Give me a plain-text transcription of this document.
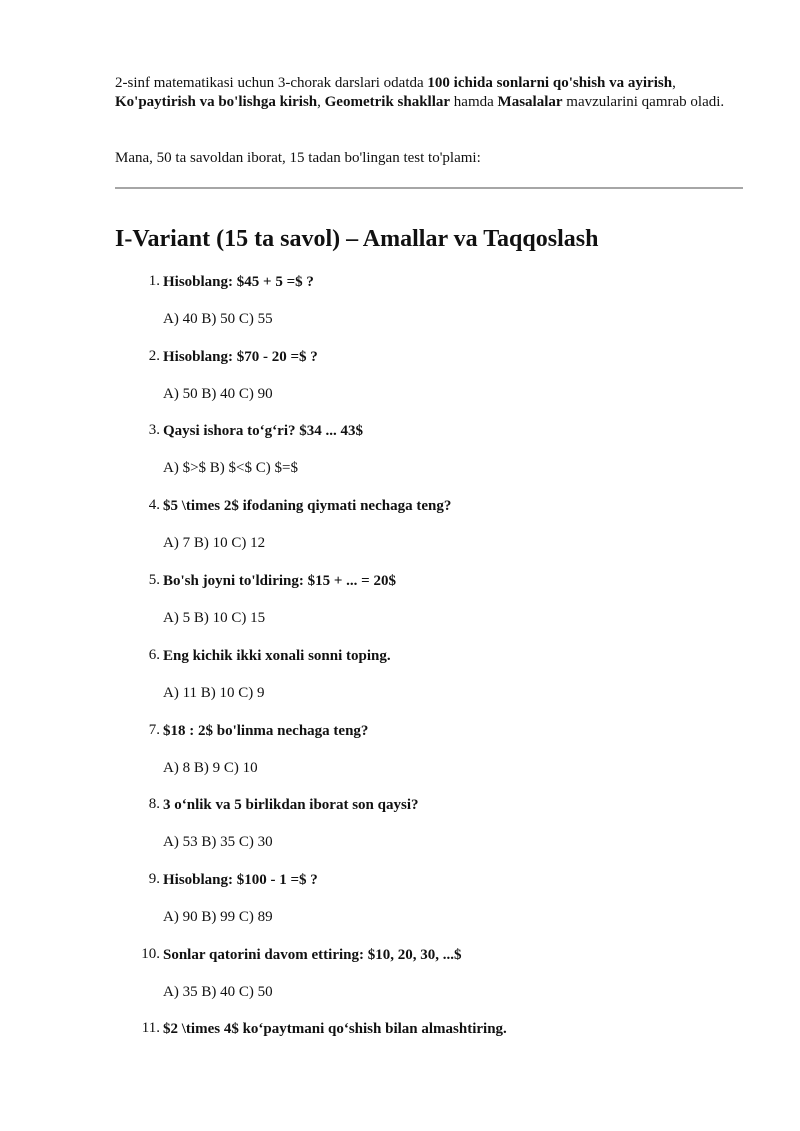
2-sinf matematikasi uchun 3-chorak darslari odatda 100 ichida sonlarni qo'shish va ayirish, Ko'paytirish va bo'lishga kirish, Geometrik shakllar hamda Masalalar mavzularini qamrab oladi.

Mana, 50 ta savoldan iborat, 15 tadan bo'lingan test to'plami:

I-Variant (15 ta savol) – Amallar va Taqqoslash
1. Hisoblang: $45 + 5 =$ ?
A) 40 B) 50 C) 55
2. Hisoblang: $70 - 20 =$ ?
A) 50 B) 40 C) 90
3. Qaysi ishora to‘g‘ri? $34 ... 43$
A) $>$ B) $<$ C) $=$
4. $5 \times 2$ ifodaning qiymati nechaga teng?
A) 7 B) 10 C) 12
5. Bo'sh joyni to'ldiring: $15 + ... = 20$
A) 5 B) 10 C) 15
6. Eng kichik ikki xonali sonni toping.
A) 11 B) 10 C) 9
7. $18 : 2$ bo'linma nechaga teng?
A) 8 B) 9 C) 10
8. 3 o‘nlik va 5 birlikdan iborat son qaysi?
A) 53 B) 35 C) 30
9. Hisoblang: $100 - 1 =$ ?
A) 90 B) 99 C) 89
10. Sonlar qatorini davom ettiring: $10, 20, 30, ...$
A) 35 B) 40 C) 50
11. $2 \times 4$ ko‘paytmani qo‘shish bilan almashtiring.
